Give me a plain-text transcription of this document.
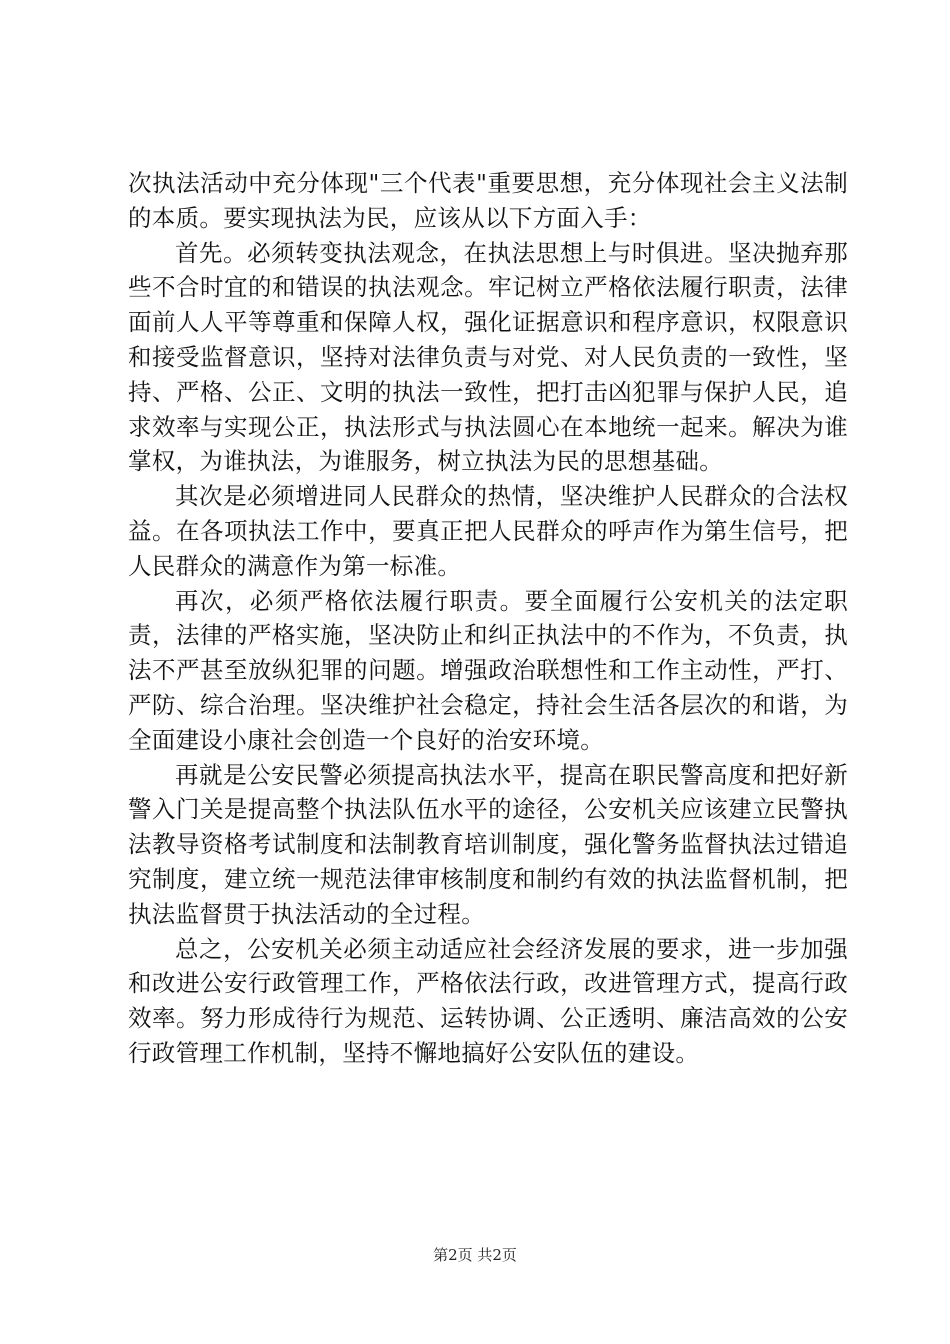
次执法活动中充分体现"三个代表"重要思想，充分体现社会主义法制的本质。要实现执法为民，应该从以下方面入手：

首先。必须转变执法观念，在执法思想上与时俱进。坚决抛弃那些不合时宜的和错误的执法观念。牢记树立严格依法履行职责，法律面前人人平等尊重和保障人权，强化证据意识和程序意识，权限意识和接受监督意识，坚持对法律负责与对党、对人民负责的一致性，坚持、严格、公正、文明的执法一致性，把打击凶犯罪与保护人民，追求效率与实现公正，执法形式与执法圆心在本地统一起来。解决为谁掌权，为谁执法，为谁服务，树立执法为民的思想基础。

其次是必须增进同人民群众的热情，坚决维护人民群众的合法权益。在各项执法工作中，要真正把人民群众的呼声作为第生信号，把人民群众的满意作为第一标准。

再次，必须严格依法履行职责。要全面履行公安机关的法定职责，法律的严格实施，坚决防止和纠正执法中的不作为，不负责，执法不严甚至放纵犯罪的问题。增强政治联想性和工作主动性，严打、严防、综合治理。坚决维护社会稳定，持社会生活各层次的和谐，为全面建设小康社会创造一个良好的治安环境。

再就是公安民警必须提高执法水平，提高在职民警高度和把好新警入门关是提高整个执法队伍水平的途径，公安机关应该建立民警执法教导资格考试制度和法制教育培训制度，强化警务监督执法过错追究制度，建立统一规范法律审核制度和制约有效的执法监督机制，把执法监督贯于执法活动的全过程。

总之，公安机关必须主动适应社会经济发展的要求，进一步加强和改进公安行政管理工作，严格依法行政，改进管理方式，提高行政效率。努力形成待行为规范、运转协调、公正透明、廉洁高效的公安行政管理工作机制，坚持不懈地搞好公安队伍的建设。

第2页 共2页
